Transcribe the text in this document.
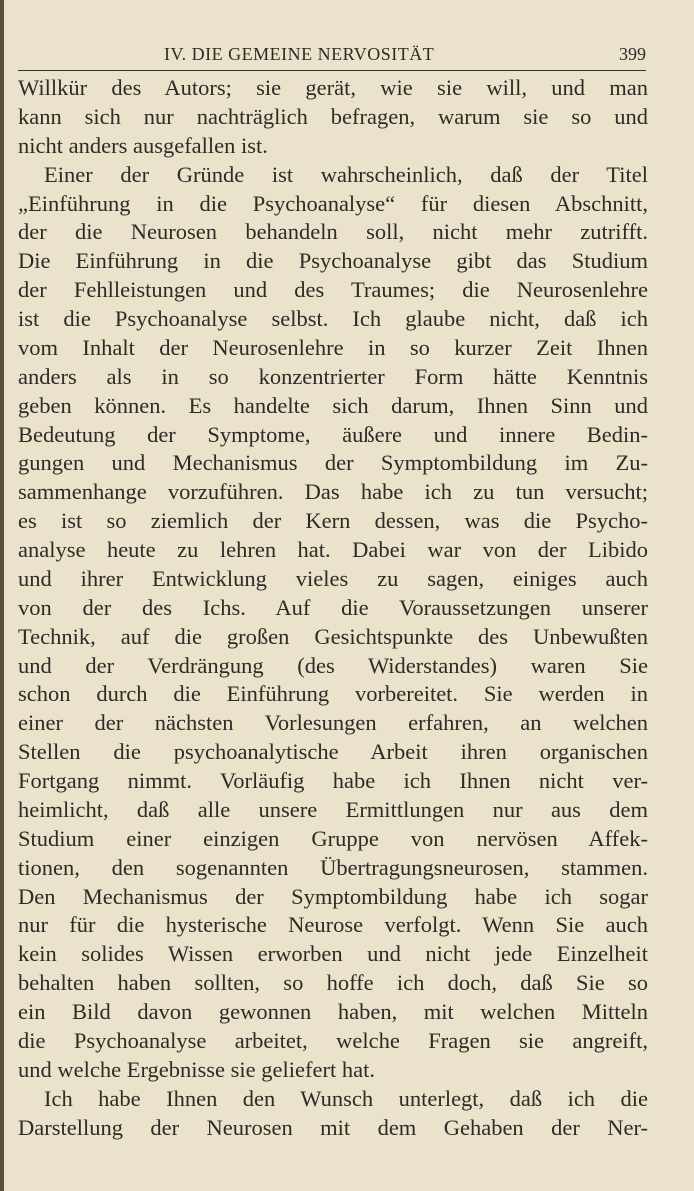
IV. DIE GEMEINE NERVOSITÄT	399
Willkür des Autors; sie gerät, wie sie will, und man
kann sich nur nachträglich befragen, warum sie so und
nicht anders ausgefallen ist.
Einer der Gründe ist wahrscheinlich, daß der Titel
„Einführung in die Psychoanalyse“ für diesen Abschnitt,
der die Neurosen behandeln soll, nicht mehr zutrifft.
Die Einführung in die Psychoanalyse gibt das Studium
der Fehlleistungen und des Traumes; die Neurosenlehre
ist die Psychoanalyse selbst. Ich glaube nicht, daß ich
vom Inhalt der Neurosenlehre in so kurzer Zeit Ihnen
anders als in so konzentrierter Form hätte Kenntnis
geben können. Es handelte sich darum, Ihnen Sinn und
Bedeutung der Symptome, äußere und innere Bedin-
gungen und Mechanismus der Symptombildung im Zu-
sammenhange vorzuführen. Das habe ich zu tun versucht;
es ist so ziemlich der Kern dessen, was die Psycho-
analyse heute zu lehren hat. Dabei war von der Libido
und ihrer Entwicklung vieles zu sagen, einiges auch
von der des Ichs. Auf die Voraussetzungen unserer
Technik, auf die großen Gesichtspunkte des Unbewußten
und der Verdrängung (des Widerstandes) waren Sie
schon durch die Einführung vorbereitet. Sie werden in
einer der nächsten Vorlesungen erfahren, an welchen
Stellen die psychoanalytische Arbeit ihren organischen
Fortgang nimmt. Vorläufig habe ich Ihnen nicht ver-
heimlicht, daß alle unsere Ermittlungen nur aus dem
Studium einer einzigen Gruppe von nervösen Affek-
tionen, den sogenannten Übertragungsneurosen, stammen.
Den Mechanismus der Symptombildung habe ich sogar
nur für die hysterische Neurose verfolgt. Wenn Sie auch
kein solides Wissen erworben und nicht jede Einzelheit
behalten haben sollten, so hoffe ich doch, daß Sie so
ein Bild davon gewonnen haben, mit welchen Mitteln
die Psychoanalyse arbeitet, welche Fragen sie angreift,
und welche Ergebnisse sie geliefert hat.
Ich habe Ihnen den Wunsch unterlegt, daß ich die
Darstellung der Neurosen mit dem Gehaben der Ner-
